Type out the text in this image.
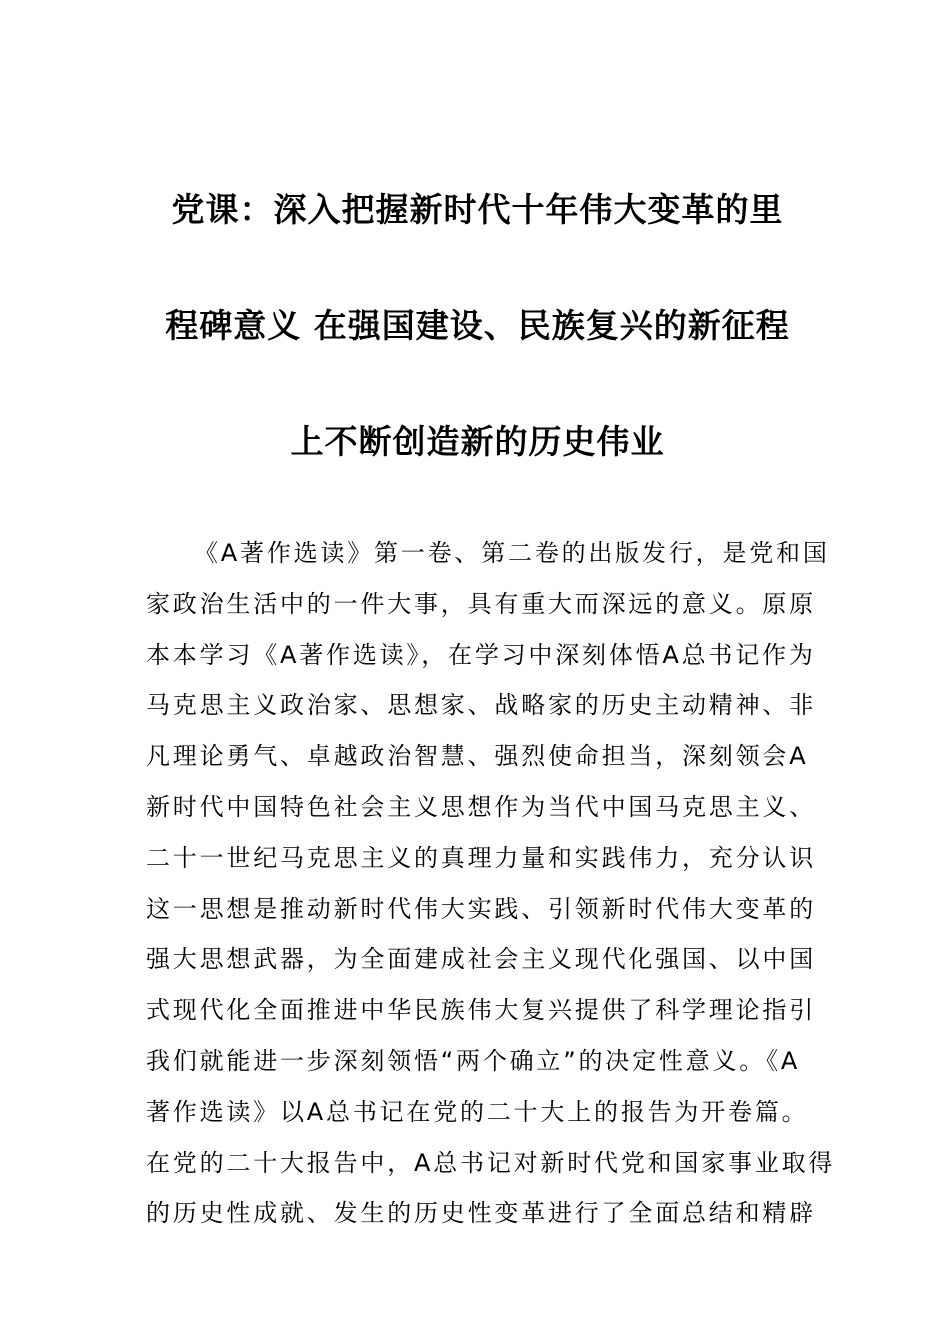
党课：深入把握新时代十年伟大变革的里
程碑意义 在强国建设、民族复兴的新征程
上不断创造新的历史伟业
《A著作选读》第一卷、第二卷的出版发行，是党和国
家政治生活中的一件大事，具有重大而深远的意义。原原
本本学习《A著作选读》，在学习中深刻体悟A总书记作为
马克思主义政治家、思想家、战略家的历史主动精神、非
凡理论勇气、卓越政治智慧、强烈使命担当，深刻领会A
新时代中国特色社会主义思想作为当代中国马克思主义、
二十一世纪马克思主义的真理力量和实践伟力，充分认识
这一思想是推动新时代伟大实践、引领新时代伟大变革的
强大思想武器，为全面建成社会主义现代化强国、以中国
式现代化全面推进中华民族伟大复兴提供了科学理论指引
我们就能进一步深刻领悟“两个确立”的决定性意义。《A
著作选读》以A总书记在党的二十大上的报告为开卷篇。
在党的二十大报告中，A总书记对新时代党和国家事业取得
的历史性成就、发生的历史性变革进行了全面总结和精辟
